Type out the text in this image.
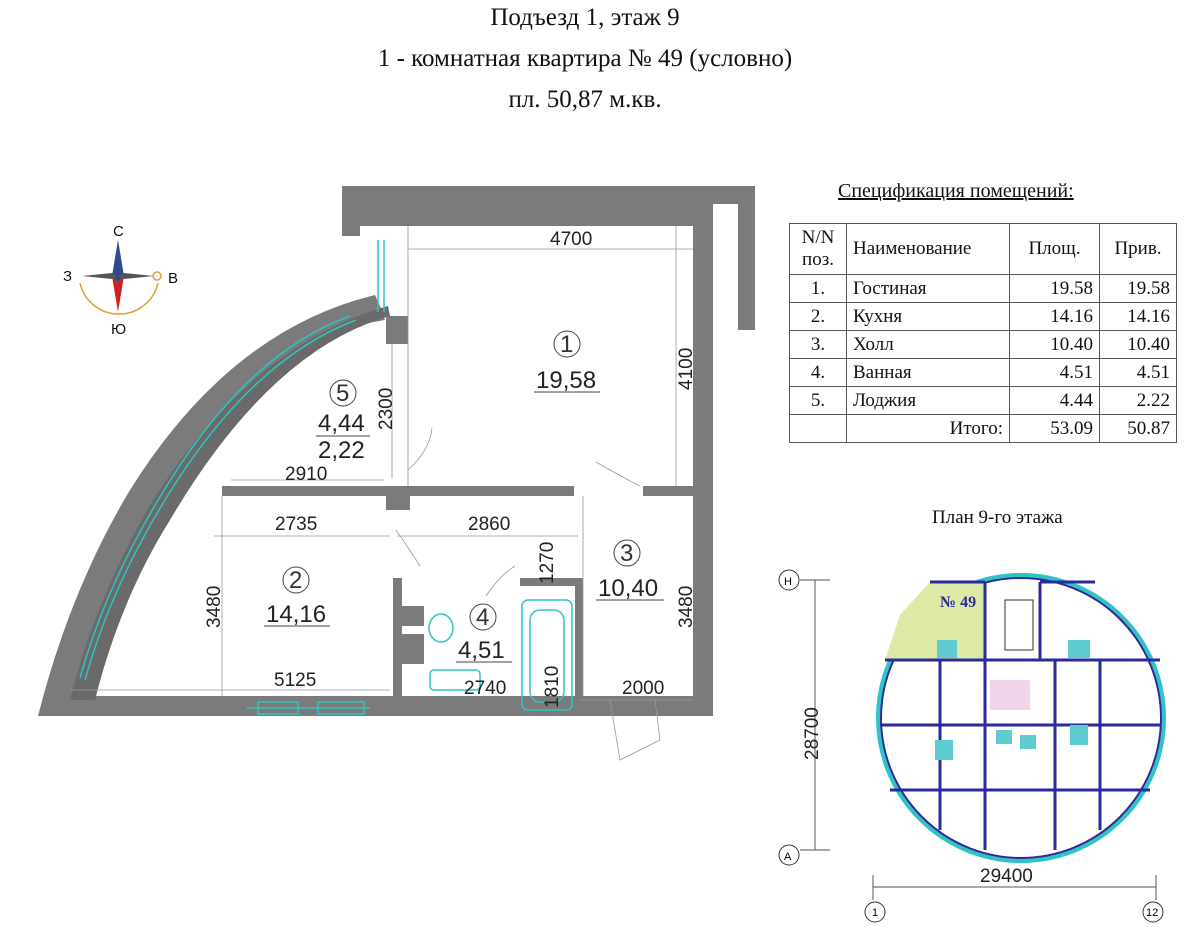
Подъезд 1, этаж 9
1 - комнатная квартира № 49 (условно)
пл. 50,87 м.кв.
С
Ю
З	В
1
19,58
2
14,16
3
10,40
4
4,51
5
4,44
2,22
4700
4100
2300
2910
2735	2860
1270
3480	3480
5125	2740 1810	2000
Н
А
28700
29400
1	12
№ 49
Спецификация помещений:
N/N поз.	Наименование	Площ.	Прив.
1.	Гостиная	19.58	19.58
2.	Кухня	14.16	14.16
3.	Холл	10.40	10.40
4.	Ванная	4.51	4.51
5.	Лоджия	4.44	2.22
	Итого:	53.09	50.87
План 9-го этажа
